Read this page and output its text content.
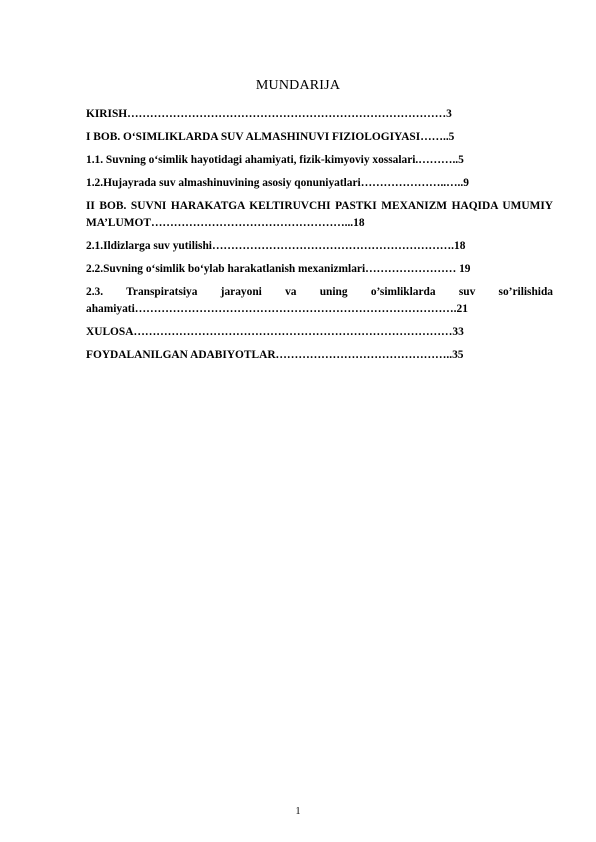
MUNDARIJA
KIRISH…………………………………………………………………………3
I BOB. O‘SIMLIKLARDA SUV ALMASHINUVI FIZIOLOGIYASI……..5
1.1. Suvning o‘simlik hayotidagi ahamiyati, fizik-kimyoviy xossalari.………..5
1.2.Hujayrada suv almashinuvining asosiy qonuniyatlari…………………..…..9
II BOB. SUVNI HARAKATGA KELTIRUVCHI PASTKI MEXANIZM HAQIDA UMUMIY MA’LUMOT……………………………………………...18
2.1.Ildizlarga suv yutilishi……………………………………………………….18
2.2.Suvning o‘simlik bo‘ylab harakatlanish mexanizmlari…………………… 19
2.3. Transpiratsiya jarayoni va uning o’simliklarda suv so’rilishida ahamiyati………………………………………………………………………….21
XULOSA…………………………………………………………………………33
FOYDALANILGAN ADABIYOTLAR………………………………………..35
1
